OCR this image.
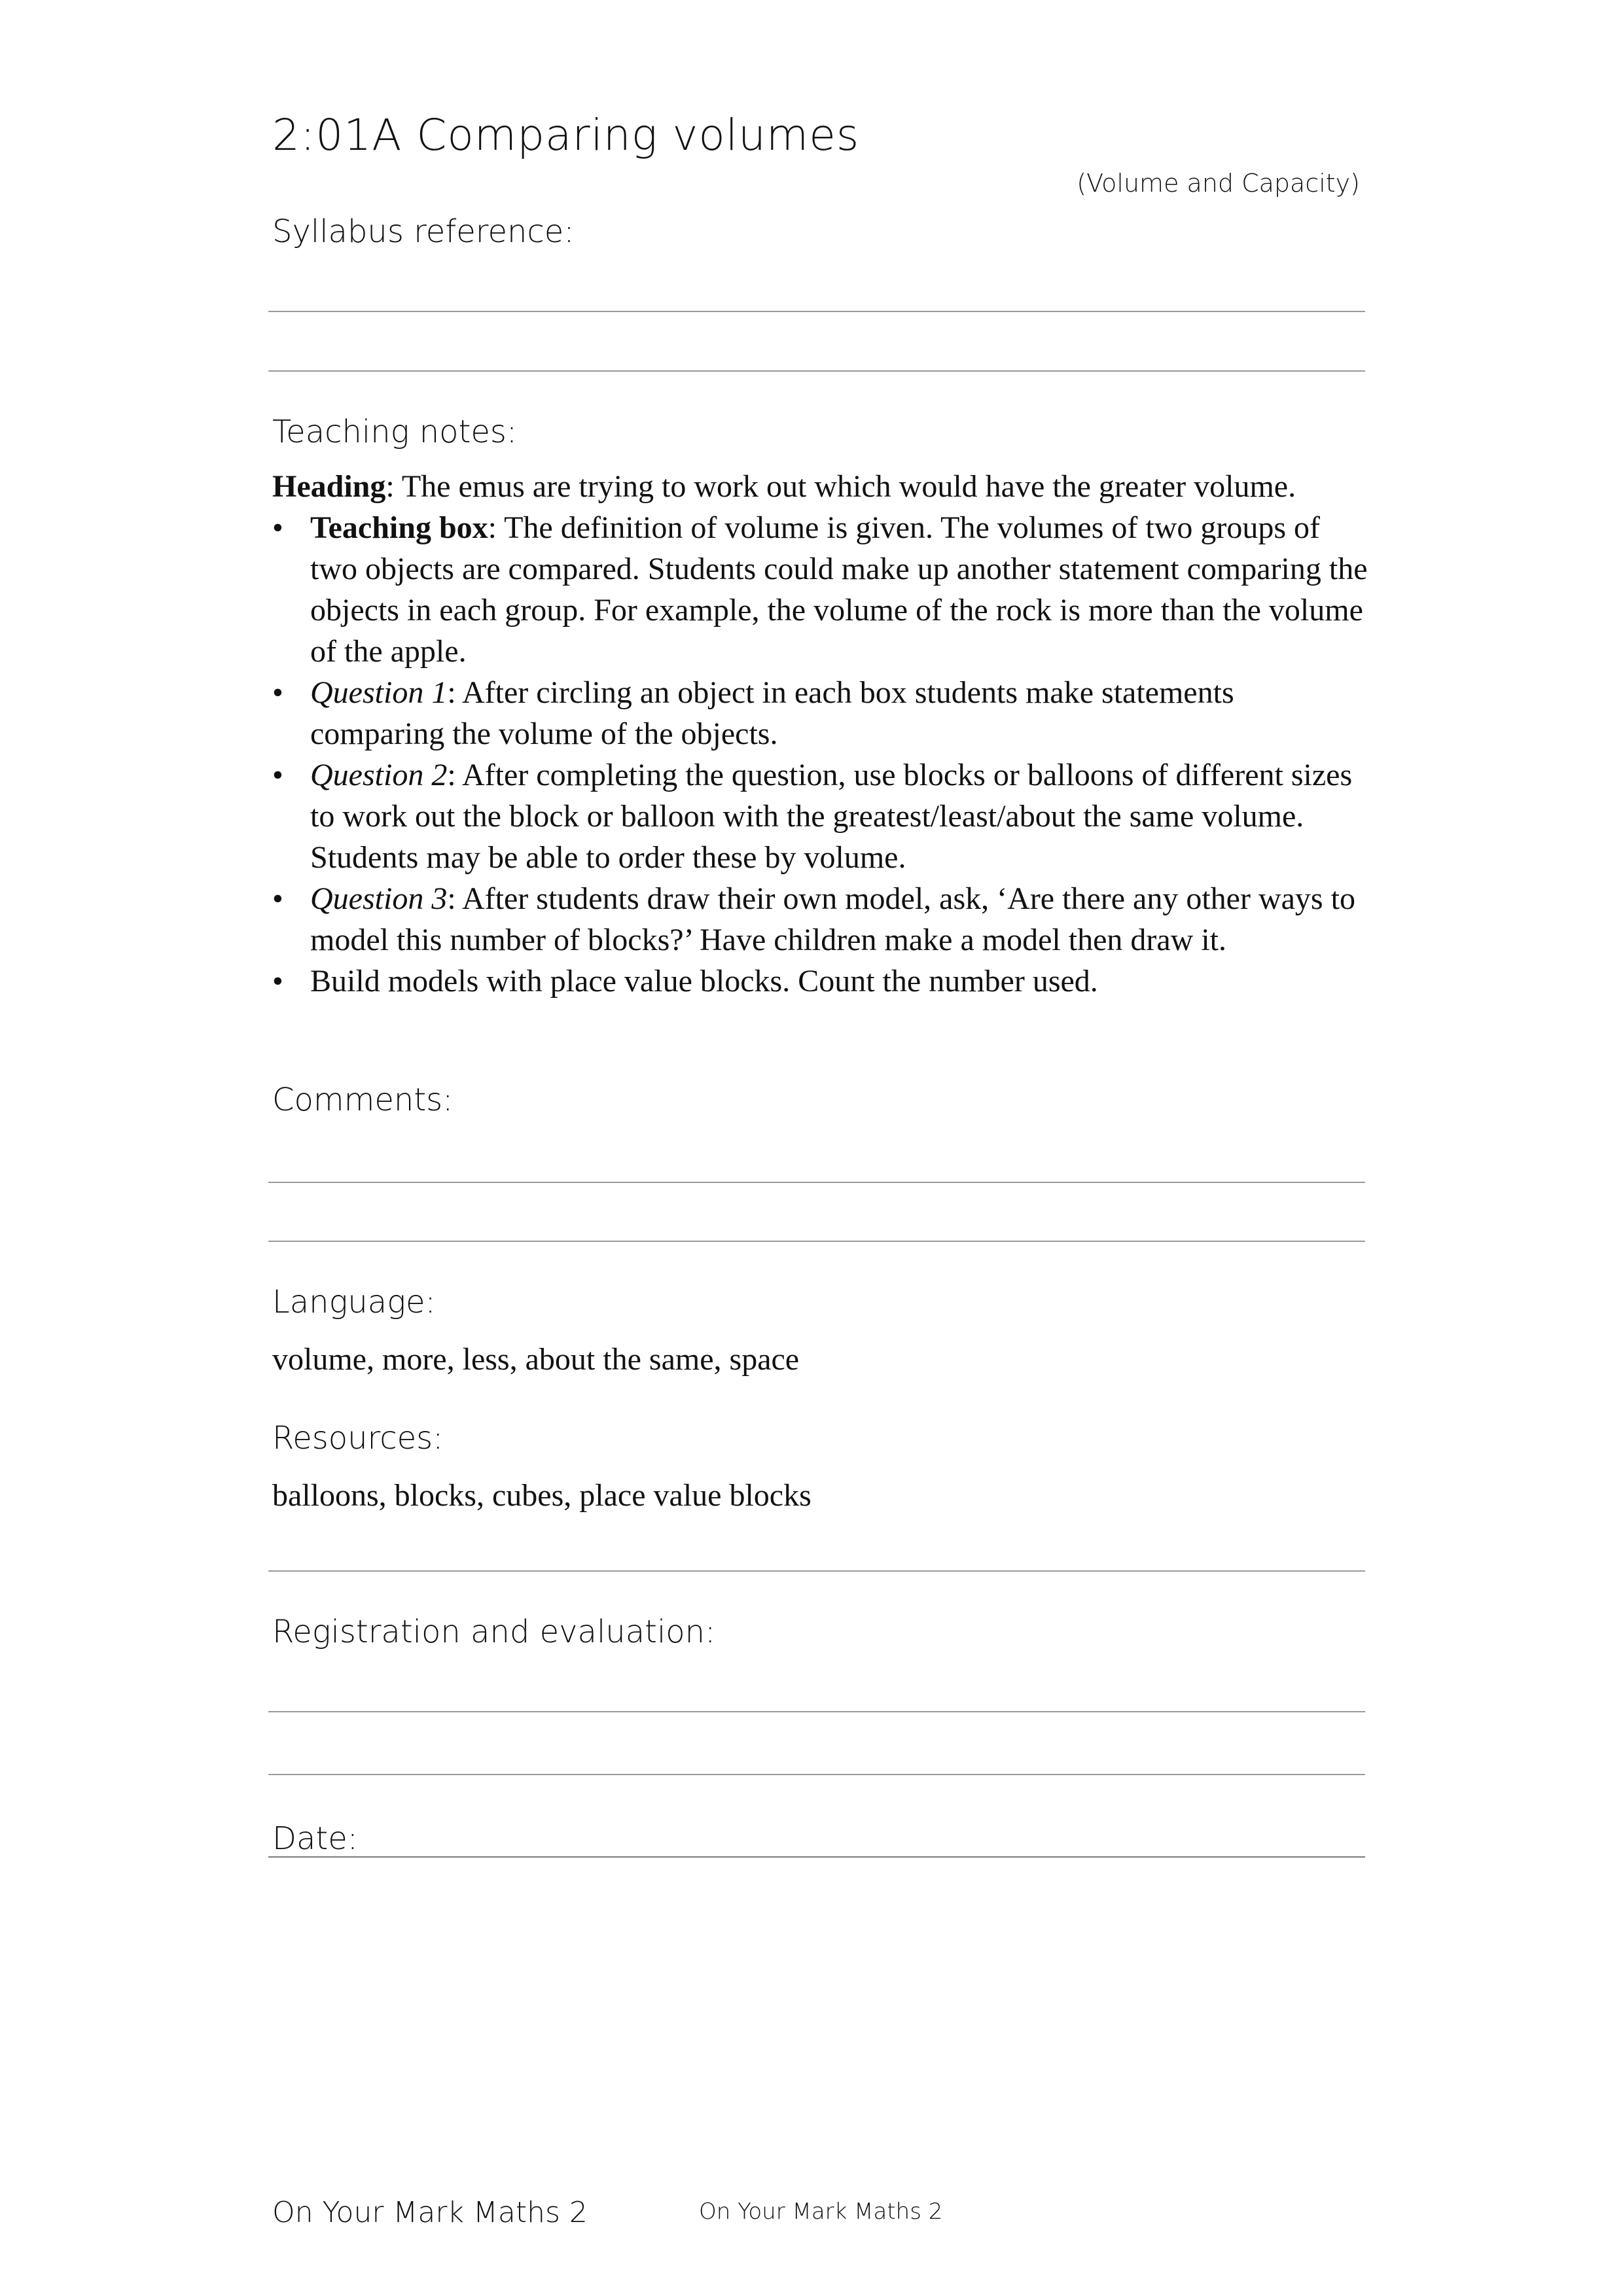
2:01A Comparing volumes
(Volume and Capacity)
Syllabus reference:
Teaching notes:

Heading: The emus are trying to work out which would have the greater volume.

• Teaching box: The definition of volume is given. The volumes of two groups of two objects are compared. Students could make up another statement comparing the objects in each group. For example, the volume of the rock is more than the volume of the apple.
• Question 1: After circling an object in each box students make statements comparing the volume of the objects.
• Question 2: After completing the question, use blocks or balloons of different sizes to work out the block or balloon with the greatest/least/about the same volume. Students may be able to order these by volume.
• Question 3: After students draw their own model, ask, ‘Are there any other ways to model this number of blocks?’ Have children make a model then draw it.
• Build models with place value blocks. Count the number used.
Comments:
Language:
volume, more, less, about the same, space
Resources:
balloons, blocks, cubes, place value blocks
Registration and evaluation:
Date:
On Your Mark Maths 2	On Your Mark Maths 2
